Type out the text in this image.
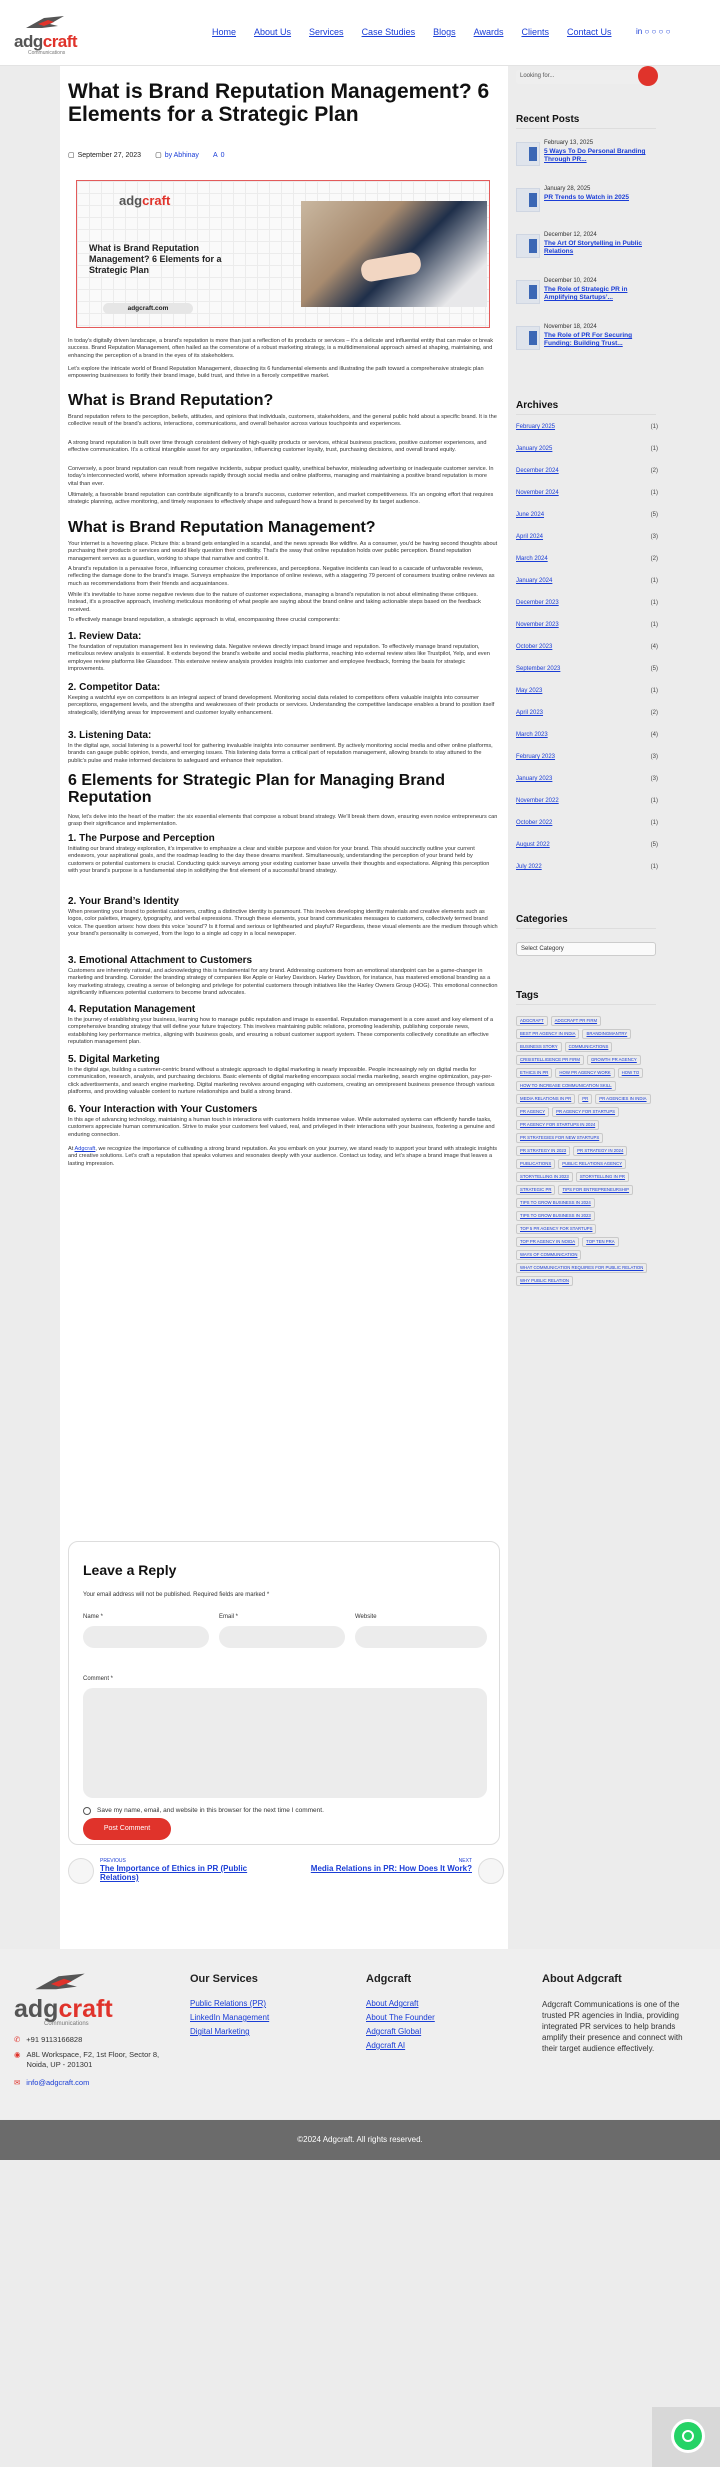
adgcraft
Communications
Home About Us Services Case Studies Blogs Awards Clients Contact Us	in ○ ○ ○ ○
What is Brand Reputation Management? 6 Elements for a Strategic Plan
▢ September 27, 2023 ▢ by Abhinay A 0
adgcraft
What is Brand Reputation Management? 6 Elements for a Strategic Plan
adgcraft.com
In today’s digitally driven landscape, a brand’s reputation is more than just a reflection of its products or services – it’s a delicate and influential entity that can make or break success. Brand Reputation Management, often hailed as the cornerstone of a robust marketing strategy, is a multidimensional approach aimed at shaping, maintaining, and enhancing the perception of a brand in the eyes of its stakeholders.
Let’s explore the intricate world of Brand Reputation Management, dissecting its 6 fundamental elements and illustrating the path toward a comprehensive strategic plan empowering businesses to fortify their brand image, build trust, and thrive in a fiercely competitive market.
What is Brand Reputation?
Brand reputation refers to the perception, beliefs, attitudes, and opinions that individuals, customers, stakeholders, and the general public hold about a specific brand. It is the collective result of the brand’s actions, interactions, communications, and overall behavior across various touchpoints and experiences.
A strong brand reputation is built over time through consistent delivery of high-quality products or services, ethical business practices, positive customer experiences, and effective communication. It’s a critical intangible asset for any organization, influencing customer loyalty, trust, purchasing decisions, and overall brand equity.
Conversely, a poor brand reputation can result from negative incidents, subpar product quality, unethical behavior, misleading advertising or inadequate customer service. In today’s interconnected world, where information spreads rapidly through social media and online platforms, managing and maintaining a positive brand reputation is more vital than ever.
Ultimately, a favorable brand reputation can contribute significantly to a brand’s success, customer retention, and market competitiveness. It’s an ongoing effort that requires strategic planning, active monitoring, and timely responses to effectively shape and safeguard how a brand is perceived by its target audience.
What is Brand Reputation Management?
Your internet is a hovering place. Picture this: a brand gets entangled in a scandal, and the news spreads like wildfire. As a consumer, you’d be having second thoughts about purchasing their products or services and would likely question their credibility. That’s the sway that online reputation holds over public perception. Brand reputation management serves as a guardian, working to shape that narrative and control it.
A brand’s reputation is a pervasive force, influencing consumer choices, preferences, and perceptions. Negative incidents can lead to a cascade of unfavorable reviews, reflecting the damage done to the brand’s image. Surveys emphasize the importance of online reviews, with a staggering 79 percent of consumers trusting online reviews as much as recommendations from their friends and acquaintances.
While it’s inevitable to have some negative reviews due to the nature of customer expectations, managing a brand’s reputation is not about eliminating these critiques. Instead, it’s a proactive approach, involving meticulous monitoring of what people are saying about the brand online and taking actionable steps based on the feedback received.
To effectively manage brand reputation, a strategic approach is vital, encompassing three crucial components:
1. Review Data:
The foundation of reputation management lies in reviewing data. Negative reviews directly impact brand image and reputation. To effectively manage brand reputation, meticulous review analysis is essential. It extends beyond the brand’s website and social media platforms, reaching into external review sites like Trustpilot, Yelp, and even employee review platforms like Glassdoor. This extensive review analysis provides insights into customer and employee feedback, forming the basis for strategic improvements.
2. Competitor Data:
Keeping a watchful eye on competitors is an integral aspect of brand development. Monitoring social data related to competitors offers valuable insights into consumer perceptions, engagement levels, and the strengths and weaknesses of their products or services. Understanding the competitive landscape enables a brand to position itself strategically, identifying areas for improvement and customer loyalty enhancement.
3. Listening Data:
In the digital age, social listening is a powerful tool for gathering invaluable insights into consumer sentiment. By actively monitoring social media and other online platforms, brands can gauge public opinion, trends, and emerging issues. This listening data forms a critical part of reputation management, allowing brands to stay attuned to the public’s pulse and make informed decisions to safeguard and enhance their reputation.
6 Elements for Strategic Plan for Managing Brand Reputation
Now, let’s delve into the heart of the matter: the six essential elements that compose a robust brand strategy. We’ll break them down, ensuring even novice entrepreneurs can grasp their significance and implementation.
1. The Purpose and Perception
Initiating our brand strategy exploration, it’s imperative to emphasize a clear and visible purpose and vision for your brand. This should succinctly outline your current endeavors, your aspirational goals, and the roadmap leading to the day these dreams manifest. Simultaneously, understanding the perception of your brand held by customers or potential customers is crucial. Conducting quick surveys among your existing customer base unveils their thoughts and expectations. Aligning this perception with your brand’s purpose is a fundamental step in solidifying the first element of a successful brand strategy.
2. Your Brand’s Identity
When presenting your brand to potential customers, crafting a distinctive identity is paramount. This involves developing identity materials and creative elements such as logos, color palettes, imagery, typography, and verbal expressions. Through these elements, your brand communicates messages to customers, collectively termed brand voice. The question arises: how does this voice ‘sound’? Is it formal and serious or lighthearted and playful? Regardless, these visual elements are the medium through which your brand’s personality is conveyed, from the logo to a single ad copy in a local newspaper.
3. Emotional Attachment to Customers
Customers are inherently rational, and acknowledging this is fundamental for any brand. Addressing customers from an emotional standpoint can be a game-changer in marketing and branding. Consider the branding strategy of companies like Apple or Harley Davidson. Harley Davidson, for instance, has mastered emotional branding as a key marketing strategy, creating a sense of belonging and privilege for potential customers through initiatives like the Harley Owners Group (HOG). This emotional connection significantly influences potential customers to become brand advocates.
4. Reputation Management
In the journey of establishing your business, learning how to manage public reputation and image is essential. Reputation management is a core asset and key element of a comprehensive branding strategy that will define your future trajectory. This involves maintaining public relations, promoting leadership, publishing corporate news, establishing key performance metrics, aligning with business goals, and ensuring a robust customer support system. These components collectively constitute an effective reputation management plan.
5. Digital Marketing
In the digital age, building a customer-centric brand without a strategic approach to digital marketing is nearly impossible. People increasingly rely on digital media for communication, research, analysis, and purchasing decisions. Basic elements of digital marketing encompass social media marketing, search engine optimization, pay-per-click advertisements, and search engine marketing. Digital marketing revolves around engaging with customers, creating an omnipresent business presence through various platforms, and providing valuable content to nurture relationships and build a strong brand.
6. Your Interaction with Your Customers
In this age of advancing technology, maintaining a human touch in interactions with customers holds immense value. While automated systems can efficiently handle tasks, customers appreciate human communication. Strive to make your customers feel valued, real, and privileged in their interactions with your business, fostering a genuine and enduring connection.
At Adgcraft, we recognize the importance of cultivating a strong brand reputation. As you embark on your journey, we stand ready to support your brand with strategic insights and creative solutions. Let’s craft a reputation that speaks volumes and resonates deeply with your audience. Contact us today, and let’s shape a brand image that leaves a lasting impression.
Leave a Reply
Your email address will not be published. Required fields are marked *
Name *	Email *	Website
Comment *
Save my name, email, and website in this browser for the next time I comment.
Post Comment
PREVIOUS
The Importance of Ethics in PR (Public Relations)
NEXT
Media Relations in PR: How Does It Work?
Looking for...
Recent Posts
February 13, 2025
5 Ways To Do Personal Branding Through PR...
January 28, 2025
PR Trends to Watch in 2025
December 12, 2024
The Art Of Storytelling in Public Relations
December 10, 2024
The Role of Strategic PR in Amplifying Startups’...
November 18, 2024
The Role of PR For Securing Funding: Building Trust...
Archives
February 2025	(1)
January 2025	(1)
December 2024	(2)
November 2024	(1)
June 2024	(5)
April 2024	(3)
March 2024	(2)
January 2024	(1)
December 2023	(1)
November 2023	(1)
October 2023	(4)
September 2023	(5)
May 2023	(1)
April 2023	(2)
March 2023	(4)
February 2023	(3)
January 2023	(3)
November 2022	(1)
October 2022	(1)
August 2022	(5)
July 2022	(1)
Categories
Select Category
Tags
ADGCRAFT	ADGCRAFT PR FIRM
BEST PR AGENCY IN INDIA	BRANDINGMANTRY
BUSINESS STORY	COMMUNICATIONS
CRISISTELLIGENCE PR FIRM	GROWTH PR AGENCY
ETHICS IN PR	HOW PR AGENCY WORK	HOW TO
HOW TO INCREASE COMMUNICATION SKILL
MEDIA RELATIONS IN PR	PR	PR AGENCIES IN INDIA
PR AGENCY	PR AGENCY FOR STARTUPS
PR AGENCY FOR STARTUPS IN 2024
PR STRATEGIES FOR NEW STARTUPS
PR STRATEGY IN 2023	PR STRATEGY IN 2024
PUBLICATIONS	PUBLIC RELATIONS AGENCY
STORYTELLING IN 2023	STORYTELLING IN PR
STRATEGIC PR	TIPS FOR ENTREPRENEURSHIP
TIPS TO GROW BUSINESS IN 2024
TIPS TO GROW BUSINESS IN 2023
TOP 5 PR AGENCY FOR STARTUPS
TOP PR AGENCY IN NOIDA	TOP TEN PRA
WAYS OF COMMUNICATION
WHAT COMMUNICATION REQUIRES FOR PUBLIC RELATION
WHY PUBLIC RELATION
adgcraft
Communications
✆ +91 9113166828
◉ A8L Workspace, F2, 1st Floor, Sector 8, Noida, UP - 201301
✉ info@adgcraft.com
Our Services
Public Relations (PR)
LinkedIn Management
Digital Marketing
Adgcraft
About Adgcraft
About The Founder
Adgcraft Global
Adgcraft AI
About Adgcraft

Adgcraft Communications is one of the trusted PR agencies in India, providing integrated PR services to help brands amplify their presence and connect with their target audience effectively.

©2024 Adgcraft. All rights reserved.
